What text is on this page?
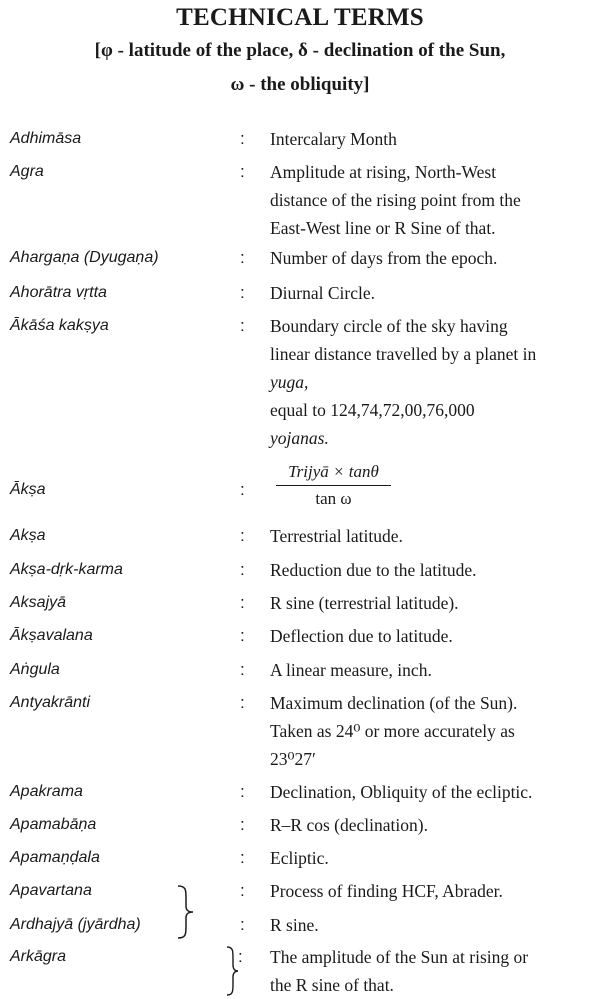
TECHNICAL TERMS
[φ - latitude of the place, δ - declination of the Sun,
ω - the obliquity]
Adhimāsa	: Intercalary Month
Agra	: Amplitude at rising, North-West
distance of the rising point from the
East-West line or R Sine of that.
Ahargaṇa (Dyugaṇa)	: Number of days from the epoch.
Ahorātra vṛtta	: Diurnal Circle.
Ākāśa kakṣya	: Boundary circle of the sky having
linear distance travelled by a planet in
yuga,
equal to 124,74,72,00,76,000
yojanas.
Ākṣa	:
Trijyā × tanθ
tan ω
Akṣa	: Terrestrial latitude.
Akṣa-dṛk-karma	: Reduction due to the latitude.
Aksajyā	: R sine (terrestrial latitude).
Ākṣavalana	: Deflection due to latitude.
Aṅgula	: A linear measure, inch.
Antyakrānti	: Maximum declination (of the Sun).
Taken as 24⁰ or more accurately as
23⁰27′
Apakrama	: Declination, Obliquity of the ecliptic.
Apamabāṇa	: R–R cos (declination).
Apamaṇḍala	: Ecliptic.
Apavartana	: Process of finding HCF, Abrader.
Ardhajyā (jyārdha)	: R sine.
Arkāgra	: The amplitude of the Sun at rising or
the R sine of that.
